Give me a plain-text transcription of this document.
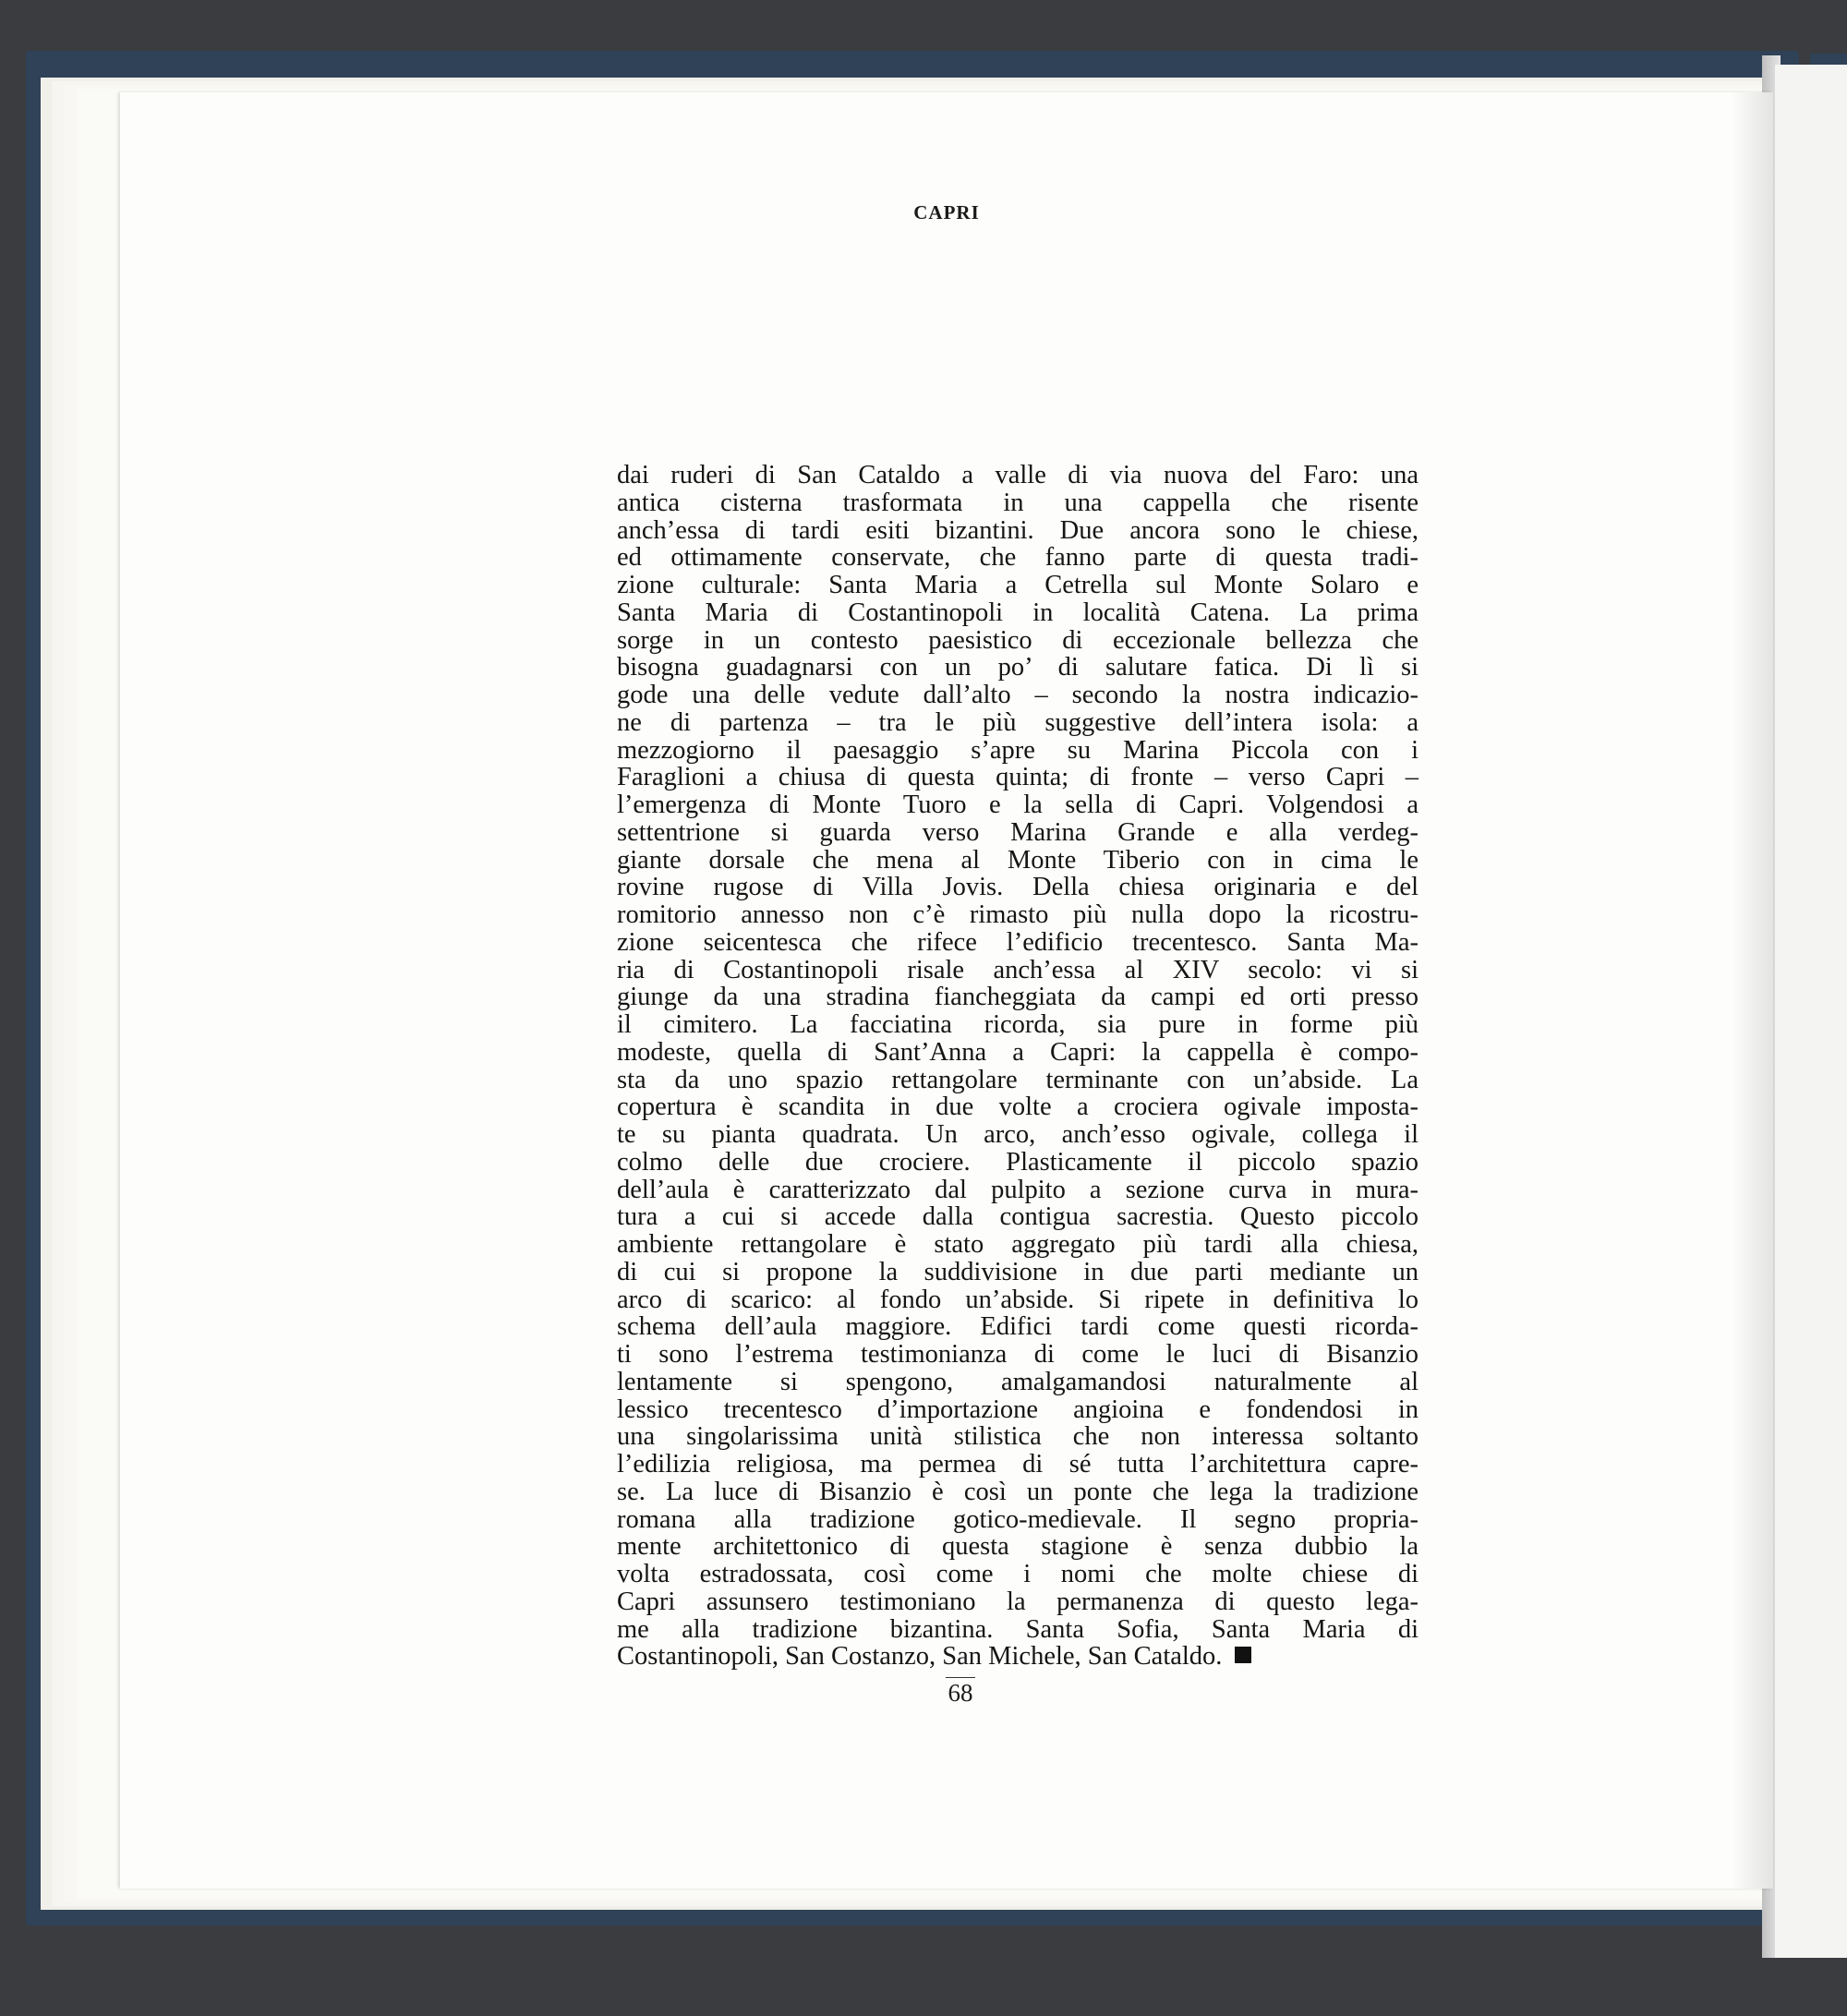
CAPRI
dai ruderi di San Cataldo a valle di via nuova del Faro: una
antica cisterna trasformata in una cappella che risente
anch’essa di tardi esiti bizantini. Due ancora sono le chiese,
ed ottimamente conservate, che fanno parte di questa tradi-
zione culturale: Santa Maria a Cetrella sul Monte Solaro e
Santa Maria di Costantinopoli in località Catena. La prima
sorge in un contesto paesistico di eccezionale bellezza che
bisogna guadagnarsi con un po’ di salutare fatica. Di lì si
gode una delle vedute dall’alto – secondo la nostra indicazio-
ne di partenza – tra le più suggestive dell’intera isola: a
mezzogiorno il paesaggio s’apre su Marina Piccola con i
Faraglioni a chiusa di questa quinta; di fronte – verso Capri –
l’emergenza di Monte Tuoro e la sella di Capri. Volgendosi a
settentrione si guarda verso Marina Grande e alla verdeg-
giante dorsale che mena al Monte Tiberio con in cima le
rovine rugose di Villa Jovis. Della chiesa originaria e del
romitorio annesso non c’è rimasto più nulla dopo la ricostru-
zione seicentesca che rifece l’edificio trecentesco. Santa Ma-
ria di Costantinopoli risale anch’essa al XIV secolo: vi si
giunge da una stradina fiancheggiata da campi ed orti presso
il cimitero. La facciatina ricorda, sia pure in forme più
modeste, quella di Sant’Anna a Capri: la cappella è compo-
sta da uno spazio rettangolare terminante con un’abside. La
copertura è scandita in due volte a crociera ogivale imposta-
te su pianta quadrata. Un arco, anch’esso ogivale, collega il
colmo delle due crociere. Plasticamente il piccolo spazio
dell’aula è caratterizzato dal pulpito a sezione curva in mura-
tura a cui si accede dalla contigua sacrestia. Questo piccolo
ambiente rettangolare è stato aggregato più tardi alla chiesa,
di cui si propone la suddivisione in due parti mediante un
arco di scarico: al fondo un’abside. Si ripete in definitiva lo
schema dell’aula maggiore. Edifici tardi come questi ricorda-
ti sono l’estrema testimonianza di come le luci di Bisanzio
lentamente si spengono, amalgamandosi naturalmente al
lessico trecentesco d’importazione angioina e fondendosi in
una singolarissima unità stilistica che non interessa soltanto
l’edilizia religiosa, ma permea di sé tutta l’architettura capre-
se. La luce di Bisanzio è così un ponte che lega la tradizione
romana alla tradizione gotico-medievale. Il segno propria-
mente architettonico di questa stagione è senza dubbio la
volta estradossata, così come i nomi che molte chiese di
Capri assunsero testimoniano la permanenza di questo lega-
me alla tradizione bizantina. Santa Sofia, Santa Maria di
Costantinopoli, San Costanzo, San Michele, San Cataldo.
68
